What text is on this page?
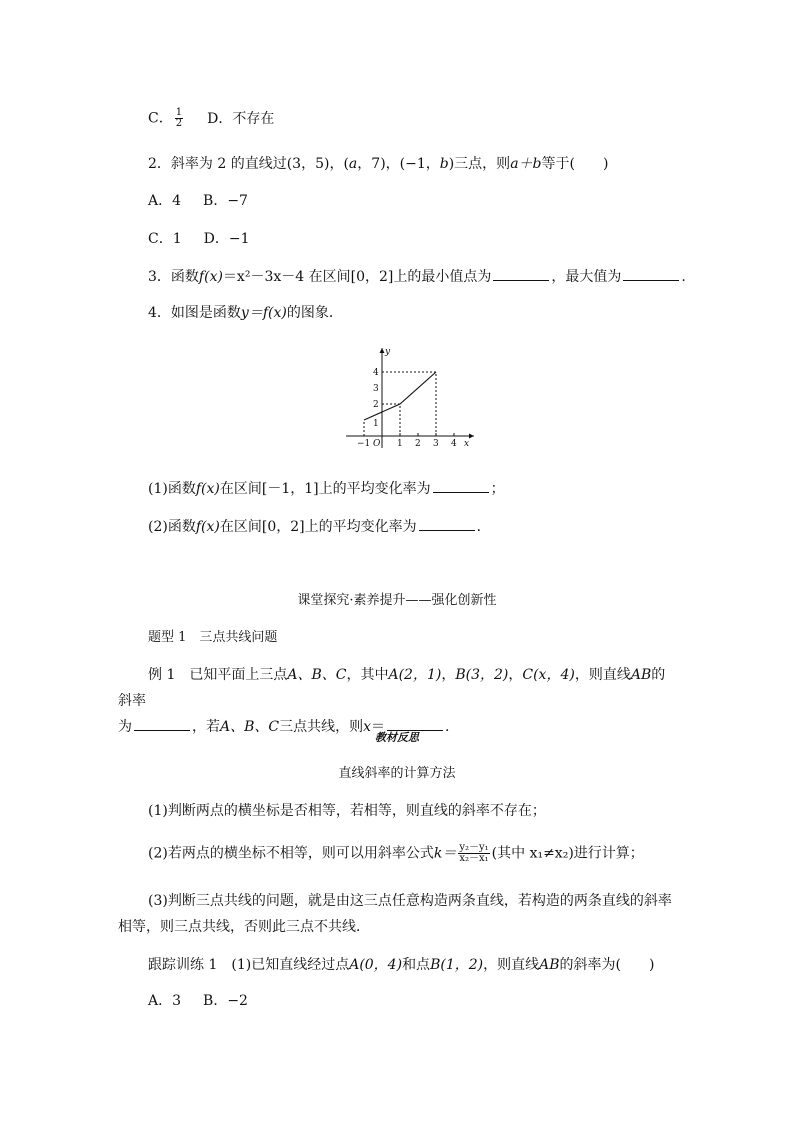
C． $\frac{1}{2}$ D．不存在
2．斜率为 2 的直线过(3，5)，(a，7)，(−1，b)三点，则a＋b等于(　　)
A．4 B．−7
C．1 D．−1
3．函数f(x)＝x²－3x－4 在区间[0，2]上的最小值点为	，最大值为	.
4．如图是函数y＝f(x)的图象．
y
x
O
−1	1 2 3 4
1
2
3
4
(1)函数f(x)在区间[－1，1]上的平均变化率为	；
(2)函数f(x)在区间[0，2]上的平均变化率为	．
课堂探究·素养提升——强化创新性
题型 1　三点共线问题
例 1　已知平面上三点A、B、C，其中A(2，1)，B(3，2)，C(x，4)，则直线AB的斜率
为	，若A、B、C三点共线，则x＝	.
教材反思
直线斜率的计算方法
(1)判断两点的横坐标是否相等，若相等，则直线的斜率不存在；
(2)若两点的横坐标不相等，则可以用斜率公式$k= \frac{\text{y₂－y₁}}{\text{x₂－x₁}}$ (其中 x₁≠x₂)进行计算；
(3)判断三点共线的问题，就是由这三点任意构造两条直线，若构造的两条直线的斜率相等，则三点共线，否则此三点不共线．
跟踪训练 1　(1)已知直线经过点A(0，4)和点B(1，2)，则直线AB的斜率为(　　)
A．3 B．−2
